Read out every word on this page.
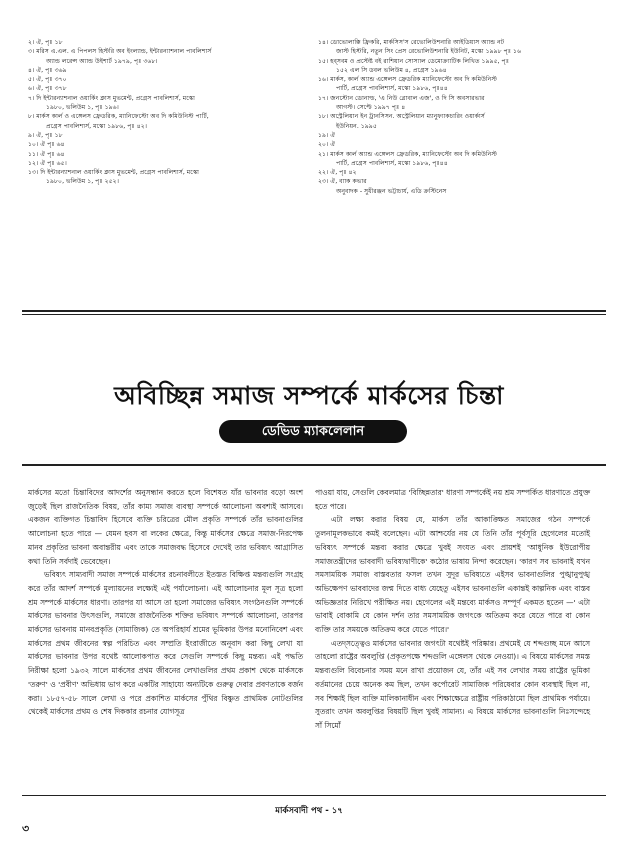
২। ঐ, পৃঃ ১৮
৩। মরিস এ.এল. এ পিপলস হিস্টরি অব ইংল্যান্ড, ইন্টারন্যাশনাল পাবলিশার্স
অ্যান্ড লরেন্স অ্যান্ড উইশার্ট ১৯৭৯, পৃঃ ৩৬৮।
৪। ঐ, পৃঃ ৩৬৯
৫। ঐ, পৃঃ ৩৭০
৬। ঐ, পৃঃ ৩৭৮
৭। দি ইন্টারন্যাশনাল ওয়ার্কিং ক্লাস মুভমেন্ট, প্রগ্রেস পাবলিশার্স, মস্কো
১৯৮০, ভলিউম ১, পৃঃ ১৯৬।
৮। মার্কস কার্ল ও এঙ্গেলস ফ্রেডরিক, ম্যানিফেস্টো অব দি কমিউনিস্ট পার্টি,
প্রগ্রেস পাবলিশার্স, মস্কো ১৯৮৬, পৃঃ ৪২।
৯। ঐ, পৃঃ ১৮
১০। ঐ পৃঃ ৬৪
১১। ঐ পৃঃ ৬৪
১২। ঐ পৃঃ ৬৫।
১৩। দি ইন্টারন্যাশনাল ওয়ার্কিং ক্লাস মুভমেন্ট, প্রগ্রেস পাবলিশার্স, মস্কো
১৯৮০, ভলিউম ১, পৃঃ ২৫২।
১৪। ডোভোলাক্কি ফ্রিকরি, মার্কসিস'স রেভোলিউশনারি আইডিয়াস অ্যান্ড নট
জাস্ট হিস্টরি, নতুন সিং প্রেস রেভোলিউশনারি ইউনিট, মস্কো ১৯৯৮ পৃঃ ১৬
১৫। হব্সবম ও প্রস্টেষ্ট বই রাশিয়ান সোস্যাল ডেমোক্র্যাটিক লিখিত ১৯৯৫, পৃঃ
১৫২ এল সি ডবল ভলিউম ৪, প্রগ্রেস ১৯৬৪
১৬। মার্কস, কার্ল অ্যান্ড এঙ্গেলস ফ্রেডরিক ম্যানিফেস্টো অব দি কমিউনিস্ট
পার্টি, প্রগ্রেস পাবলিশার্স, মস্কো ১৯৮৬, পৃঃ৪৪
১৭। জনস্টোন ডোনাল্ড, 'এ নিউ গ্লোবাল এজ', ও দি সি অবসারভার
আগস্ট। সেপ্টে ১৯৯৭ পৃঃ ৪
১৮। অস্ট্রেলিয়ান ইন ট্রানসিসন. অস্ট্রেলিয়ান ম্যানুফ্যাকচারিং ওয়ার্কার্স
ইউনিয়ন. ১৯৯৫
১৯। ঐ
২০। ঐ
২১। মার্কস কার্ল অ্যান্ড এঙ্গেলস ফ্রেডরিক, ম্যানিফেস্টো অব দি কমিউনিস্ট
পার্টি, প্রগ্রেস পাবলিশার্স, মস্কো ১৯৮৬, পৃঃ৪৪
২২। ঐ, পৃঃ ৪২
২৩। ঐ, ব্যাক কভার
অনুবাদক - সুধীরঞ্জন ভট্টাচার্য, এডি ক্রস্টিনেস
অবিচ্ছিন্ন সমাজ সম্পর্কে মার্কসের চিন্তা
ডেভিড ম্যাকলেলান

মার্কসের মতো চিন্তাবিদের আদর্শের অনুসন্ধান করতে হলে বিশেষত যাঁর ভাবনার বড়ো অংশ জুড়েই ছিল রাজনৈতিক বিষয়, তাঁর কাম্য সমাজ ব্যবস্থা সম্পর্কে আলোচনা অবশ্যই আসবে। একজন ব্যক্তিগত চিন্তাবিদ হিসেবে ব্যক্তি চরিত্রের মৌল প্রকৃতি সম্পর্কে তাঁর ভাবনাগুলির আলোচনা হতে পারে — যেমন হবস বা লকের ক্ষেত্রে, কিন্তু মার্কসের ক্ষেত্রে সমাজ-নিরপেক্ষ মানব প্রকৃতির ভাবনা অবান্তরীয় এবং তাকে সমাজবদ্ধ হিসেবে দেখেই তার ভবিষ্যৎ আগ্রাসিত কথা তিনি সর্বদাই ভেবেছেন।

ভবিষ্যৎ সাম্যবাদী সমাজ সম্পর্কে মার্কসের রচনাবলীতে ইতস্তত বিক্ষিপ্ত মন্তব্যগুলি সংগ্রহ করে তাঁর আদর্শ সম্পর্কে মূল্যায়নের লক্ষ্যেই এই পর্যালোচনা। এই আলোচনার মূল সূত্র হলো শ্রম সম্পর্কে মার্কসের ধারণা। তারপর যা আসে তা হলো সমাজের ভবিষ্যৎ সংগঠনগুলি সম্পর্কে মার্কসের ভাবনার উৎসগুলি, সমাজে রাজনৈতিক শক্তির ভবিষ্যৎ সম্পর্কে আলোচনা, তারপর মার্কসের ভাবনায় মানবপ্রকৃতি (সামাজিক) তে অপরিহার্য শ্রমের ভূমিকার উপর মনোনিবেশ এবং মার্কসের প্রথম জীবনের স্বল্প পরিচিত এবং সম্প্রতি ইংরাজীতে অনূবাদ করা কিছু লেখা যা মার্কসের ভাবনার উপর যথেষ্ট আলোকপাত করে সেগুলি সম্পর্কে কিছু মন্তব্য। এই পদ্ধতি নিরীক্ষা হলো ১৯৩২ সালে মার্কসের প্রথম জীবনের লেখাগুলির প্রথম প্রকাশ থেকে মার্কসকে 'তরুণ' ও 'প্রবীণ' অভিধায় ভাগ করে একটির সাহায্যে অন্যটিকে গুরুত্ব দেবার প্রবণতাকে বর্জন করা। ১৮৫৭-৫৮ সালে লেখা ও পরে প্রকাশিত মার্কসের পুঁথির বিষ্ণুত প্রাথমিক নোটগুলির থেকেই মার্কসের প্রথম ও শেষ দিককার রচনার যোগসূত্র

পাওয়া যায়, সেগুলি কেবলমাত্র 'বিচ্ছিন্নতার' ধারণা সম্পর্কেই নয় শ্রম সম্পর্কিত ধারণাতে প্রযুক্ত হতে পারে।

এটা লক্ষ্য করার বিষয় যে, মার্কস তাঁর আকাঙ্ক্ষিত সমাজের গঠন সম্পর্কে তুলনামূলকভাবে কমই বলেছেন। এটা আশ্চর্যের নয় যে তিনি তাঁর পূর্বসূরি হেগেলের মতোই ভবিষ্যৎ সম্পর্কে মন্তব্য করার ক্ষেত্রে খুবই সংযত এবং প্রায়শই 'আধুনিক ইউরোপীয় সমাজতন্ত্রীদের ভাববাদী ভবিষ্যদ্বাণীকে' কঠোর ভাষায় নিন্দা করেছেন। 'কারণ সব ভাবনাই যখন সমসাময়িক সমাজ বাস্তবতার ফসল তখন সুদূর ভবিষ্যতে এইসব ভাবনাগুলির পুঙ্খানুপুঙ্খ অভিক্ষেপণ ভাববাদের জন্ম দিতে বাধ্য যেহেতু এইসব ভাবনাগুলি একান্তই কাল্পনিক এবং বাস্তব অভিজ্ঞতার নিরিখে পরীক্ষিত নয়। হেগেলের এই মন্তব্যে মার্কসও সম্পূর্ণ একমত হতেন —' এটা ভাবাই বোকামি যে কোন দর্শন তার সমসাময়িক জগৎকে অতিক্রম করে যেতে পারে বা কোন ব্যক্তি তার সময়কে অতিক্রম করে যেতে পারে।'

এতদ্সত্ত্বেও মার্কসের ভাবনার জগৎটা যথেষ্টই পরিষ্কার। প্রথমেই যে শব্দগুচ্ছ মনে আসে তাহলো রাষ্ট্রের অবলুপ্তি (প্রকৃতপক্ষে শব্দগুলি এঙ্গেলস থেকে নেওয়া)। এ বিষয়ে মার্কসের সমস্ত মন্তব্যগুলি বিবেচনার সময় মনে রাখা প্রয়োজন যে, তাঁর এই সব লেখার সময় রাষ্ট্রের ভূমিকা বর্তমানের চেয়ে অনেক কম ছিল, তখন কর্পোরেট সামাজিক পরিষেবার কোন ব্যবস্থাই ছিল না, সব শিক্ষাই ছিল ব্যক্তি মালিকানাধীন এবং শিক্ষাক্ষেত্রে রাষ্ট্রীয় পরিকাঠামো ছিল প্রাথমিক পর্যায়ে। সুতরাং তখন অবলুপ্তির বিষয়টি ছিল খুবই সামান্য। এ বিষয়ে মার্কসের ভাবনাগুলি নিঃসন্দেহে সাঁ সিমোঁ

মার্কসবাদী পথ - ১৭
৩
